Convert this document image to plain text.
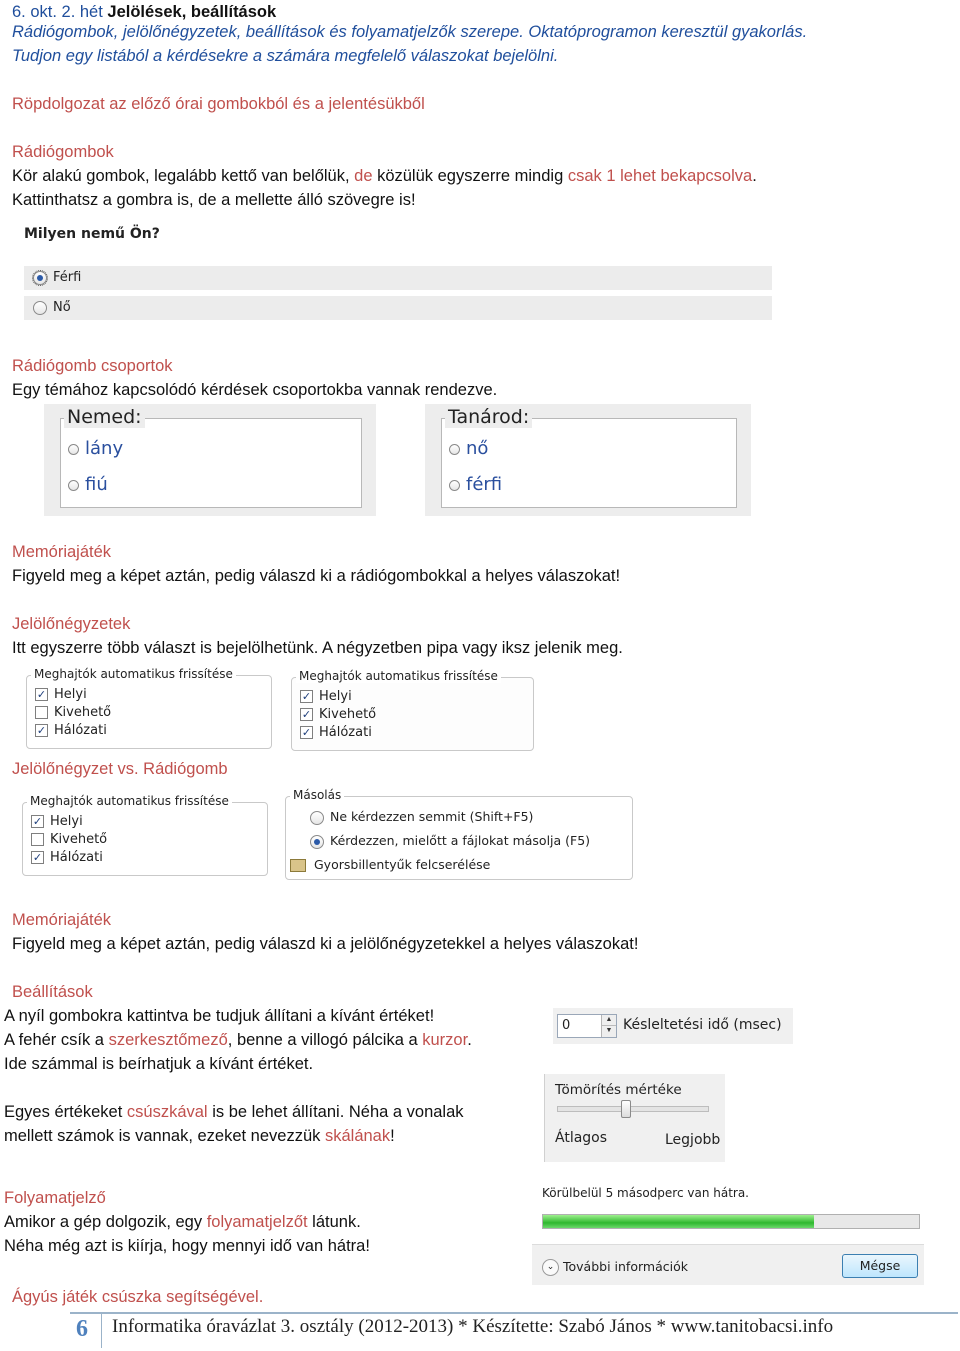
6. okt. 2. hét Jelölések, beállítások
Rádiógombok, jelölőnégyzetek, beállítások és folyamatjelzők szerepe. Oktatóprogramon keresztül gyakorlás.
Tudjon egy listából a kérdésekre a számára megfelelő válaszokat bejelölni.
Röpdolgozat az előző órai gombokból és a jelentésükből
Rádiógombok
Kör alakú gombok, legalább kettő van belőlük, de közülük egyszerre mindig csak 1 lehet bekapcsolva.
Kattinthatsz a gombra is, de a mellette álló szövegre is!
Milyen nemű Ön?
Férfi
Nő
Rádiógomb csoportok
Egy témához kapcsolódó kérdések csoportokba vannak rendezve.
Nemed:
lány
fiú
Tanárod:
nő
férfi
Memóriajáték
Figyeld meg a képet aztán, pedig válaszd ki a rádiógombokkal a helyes válaszokat!
Jelölőnégyzetek
Itt egyszerre több választ is bejelölhetünk. A négyzetben pipa vagy iksz jelenik meg.
Meghajtók automatikus frissítése
✓ Helyi
Kivehető
✓ Hálózati
Meghajtók automatikus frissítése
✓ Helyi
✓ Kivehető
✓ Hálózati
Jelölőnégyzet vs. Rádiógomb
Meghajtók automatikus frissítése
✓ Helyi
Kivehető
✓ Hálózati
Másolás
Ne kérdezzen semmit (Shift+F5)
Kérdezzen, mielőtt a fájlokat másolja (F5)
Gyorsbillentyűk felcserélése
Memóriajáték
Figyeld meg a képet aztán, pedig válaszd ki a jelölőnégyzetekkel a helyes válaszokat!
Beállítások
A nyíl gombokra kattintva be tudjuk állítani a kívánt értéket!
A fehér csík a szerkesztőmező, benne a villogó pálcika a kurzor.
Ide számmal is beírhatjuk a kívánt értéket.
0	▲
▼ Késleltetési idő (msec)
Egyes értékeket csúszkával is be lehet állítani. Néha a vonalak
mellett számok is vannak, ezeket nevezzük skálának!
Tömörítés mértéke
Átlagos	Legjobb
Folyamatjelző
Amikor a gép dolgozik, egy folyamatjelzőt látunk.
Néha még azt is kiírja, hogy mennyi idő van hátra!
Körülbelül 5 másodperc van hátra.
⌄ További információk	Mégse
Ágyús játék csúszka segítségével.
6 Informatika óravázlat 3. osztály (2012-2013) * Készítette: Szabó János * www.tanitobacsi.info
